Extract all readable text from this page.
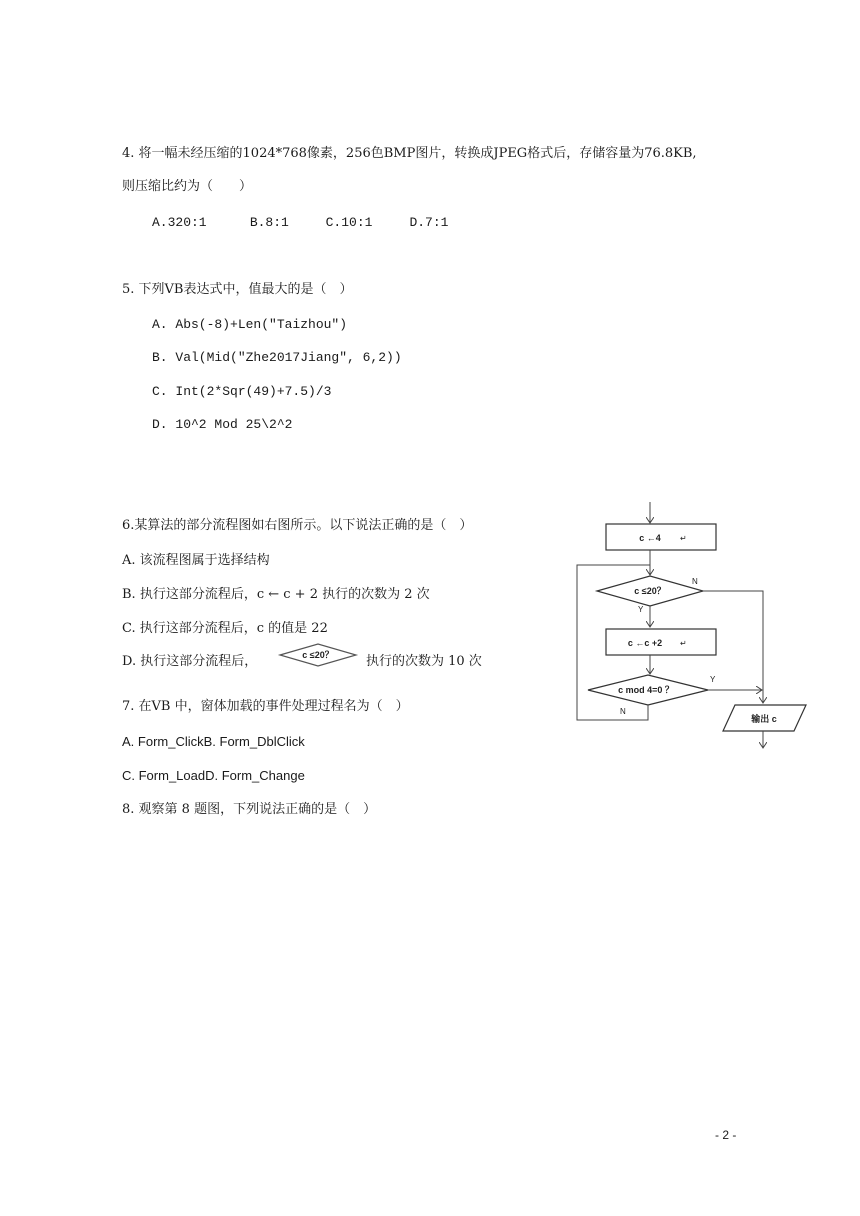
4. 将一幅未经压缩的1024*768像素，256色BMP图片，转换成JPEG格式后，存储容量为76.8KB,
则压缩比约为（　　）
A.320:1	B.8:1	C.10:1	D.7:1
5. 下列VB表达式中，值最大的是（　）
A. Abs(-8)+Len("Taizhou")
B. Val(Mid("Zhe2017Jiang", 6,2))
C. Int(2*Sqr(49)+7.5)/3
D. 10^2 Mod 25\2^2
6.某算法的部分流程图如右图所示。以下说法正确的是（　）
A. 该流程图属于选择结构
B. 执行这部分流程后，c ← c + 2 执行的次数为 2 次
C. 执行这部分流程后，c 的值是 22
D. 执行这部分流程后，	c ≤20？ 执行的次数为 10 次
c ←4 ↵
c ≤20？
N
Y
c ←c +2 ↵
c mod 4=0 ？
Y
N
输出 c
7. 在VB 中，窗体加载的事件处理过程名为（　）
A. Form_ClickB. Form_DblClick
C. Form_LoadD. Form_Change
8. 观察第 8 题图，下列说法正确的是（　）
- 2 -
